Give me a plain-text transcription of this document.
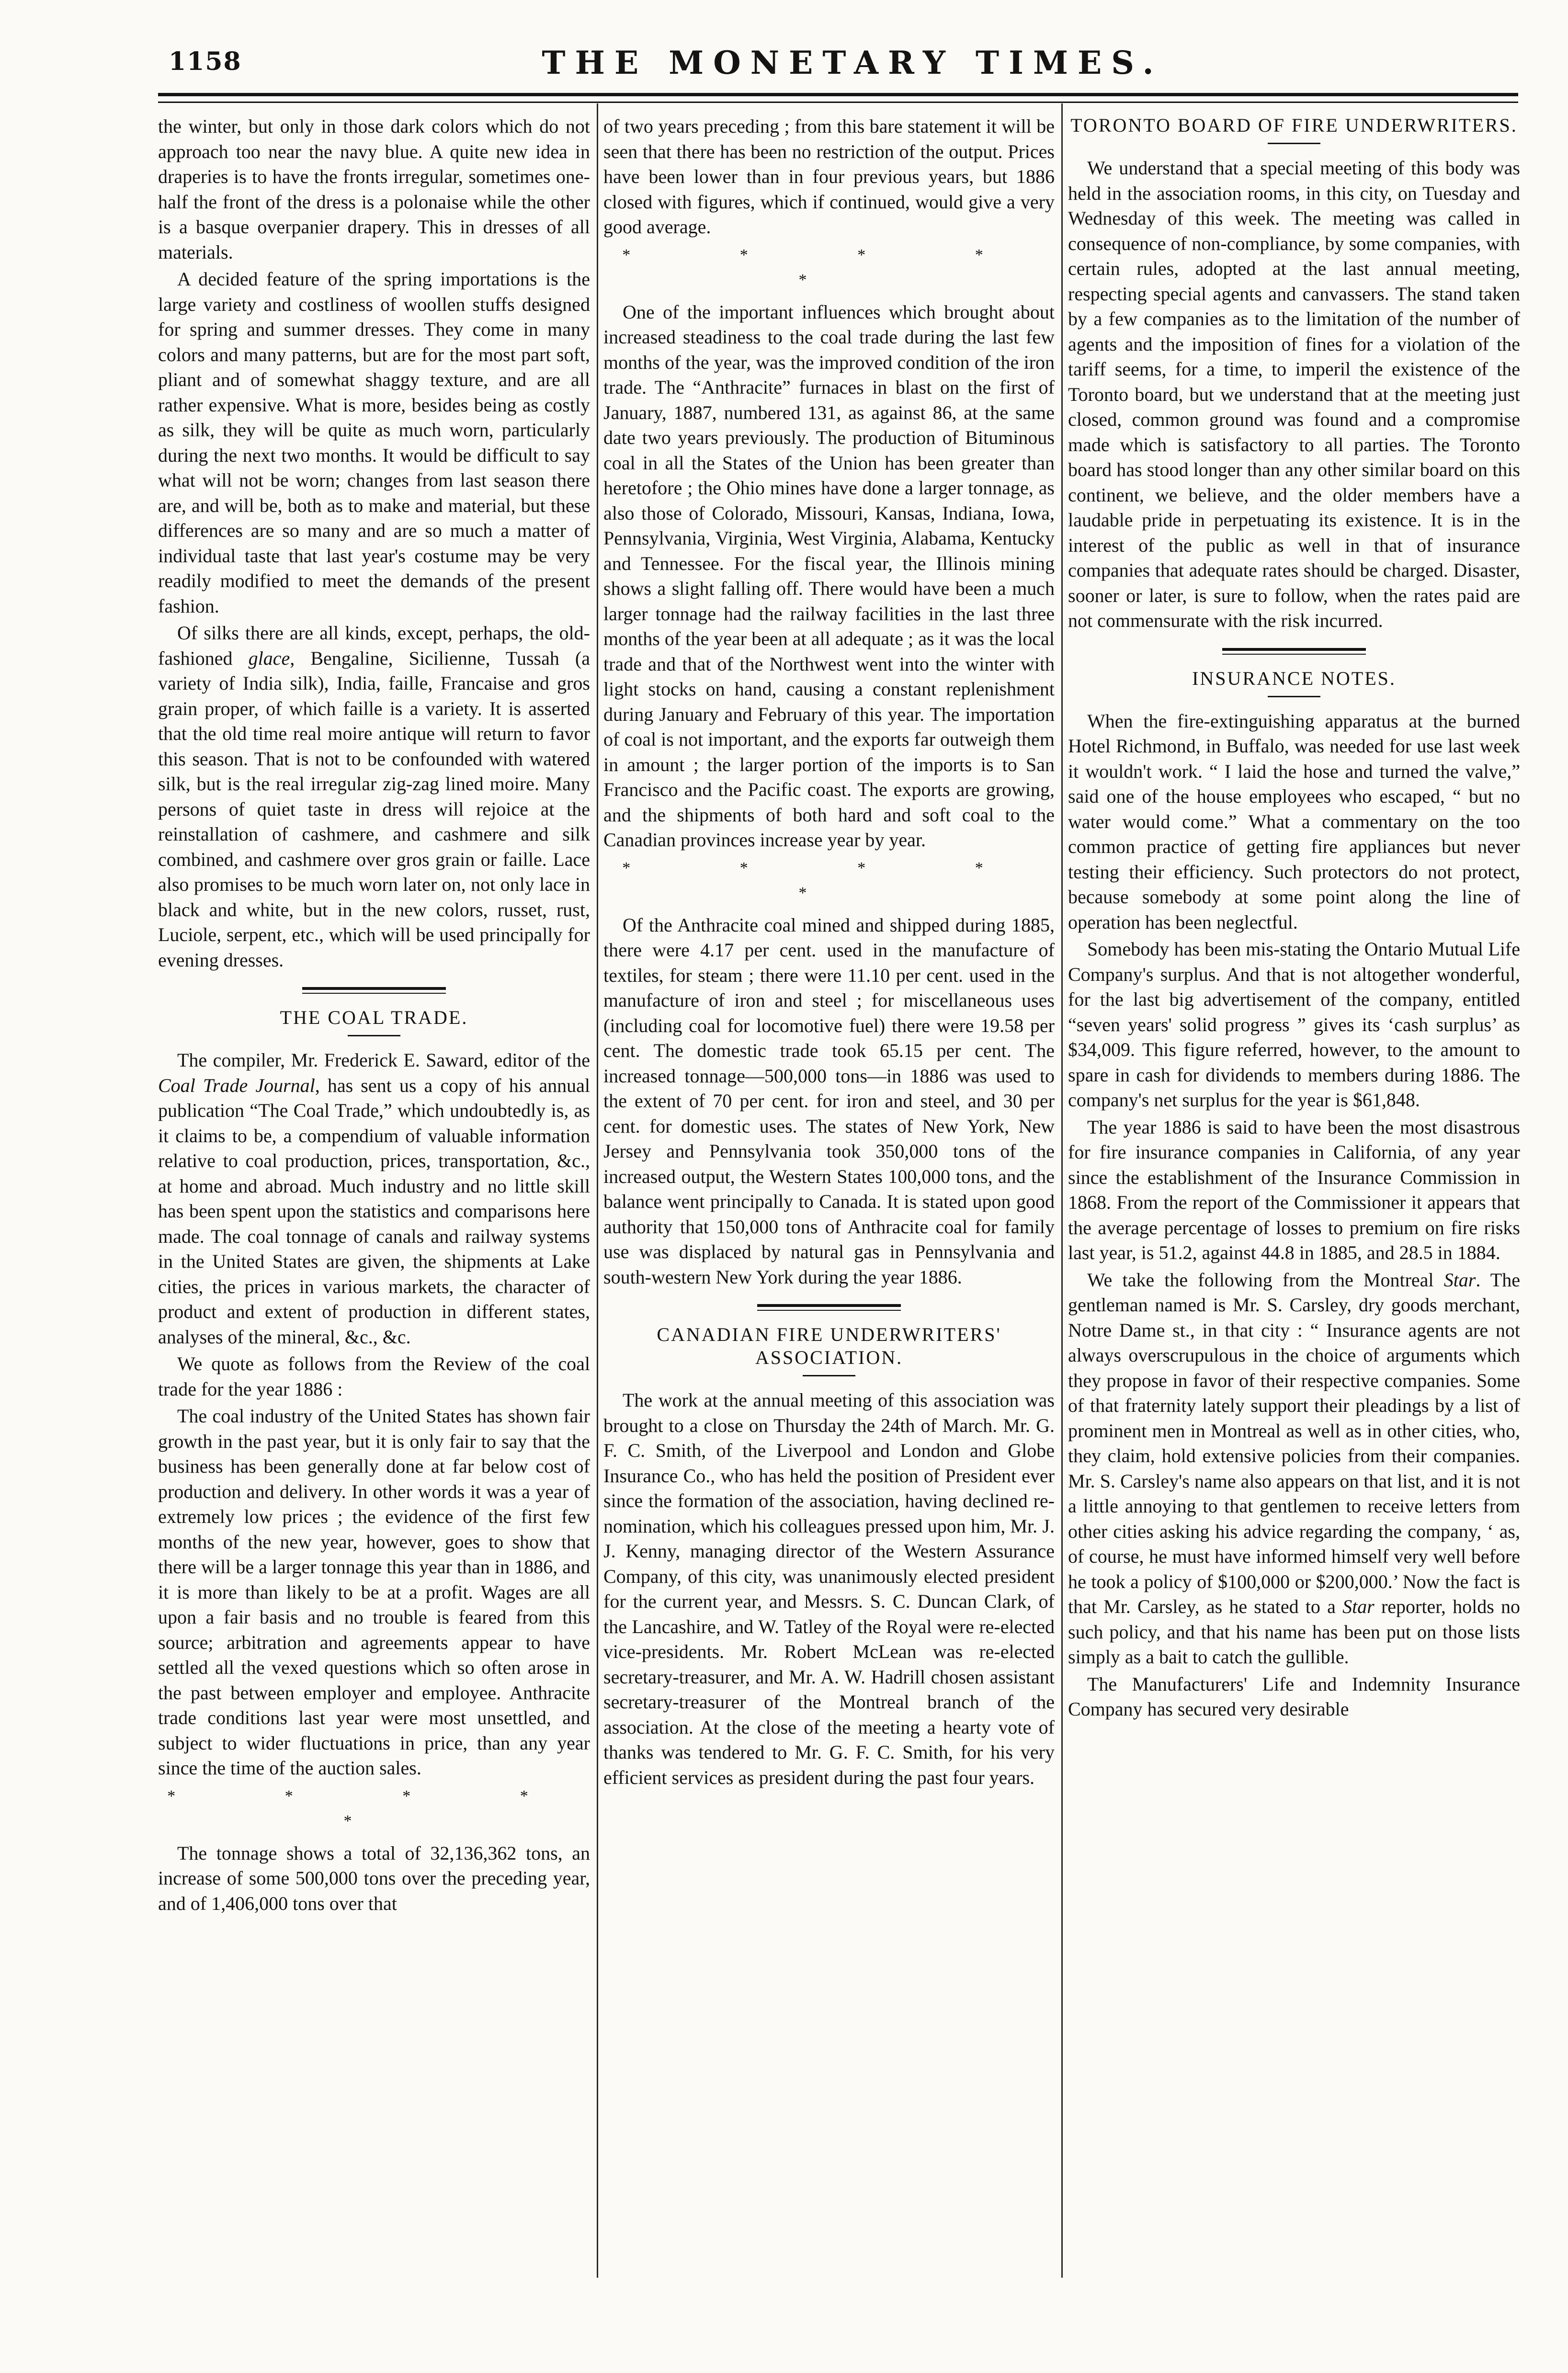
1158	THE MONETARY TIMES.

the winter, but only in those dark colors which do not approach too near the navy blue. A quite new idea in draperies is to have the fronts irregular, sometimes one-half the front of the dress is a polonaise while the other is a basque overpanier drapery. This in dresses of all materials.

A decided feature of the spring importations is the large variety and costliness of woollen stuffs designed for spring and summer dresses. They come in many colors and many patterns, but are for the most part soft, pliant and of somewhat shaggy texture, and are all rather expensive. What is more, besides being as costly as silk, they will be quite as much worn, particularly during the next two months. It would be difficult to say what will not be worn; changes from last season there are, and will be, both as to make and material, but these differences are so many and are so much a matter of individual taste that last year's costume may be very readily modified to meet the demands of the present fashion.

Of silks there are all kinds, except, perhaps, the old-fashioned glace, Bengaline, Sicilienne, Tussah (a variety of India silk), India, faille, Francaise and gros grain proper, of which faille is a variety. It is asserted that the old time real moire antique will return to favor this season. That is not to be confounded with watered silk, but is the real irregular zig-zag lined moire. Many persons of quiet taste in dress will rejoice at the reinstallation of cashmere, and cashmere and silk combined, and cashmere over gros grain or faille. Lace also promises to be much worn later on, not only lace in black and white, but in the new colors, russet, rust, Luciole, serpent, etc., which will be used principally for evening dresses.

THE COAL TRADE.

The compiler, Mr. Frederick E. Saward, editor of the Coal Trade Journal, has sent us a copy of his annual publication “The Coal Trade,” which undoubtedly is, as it claims to be, a compendium of valuable information relative to coal production, prices, transportation, &c., at home and abroad. Much industry and no little skill has been spent upon the statistics and comparisons here made. The coal tonnage of canals and railway systems in the United States are given, the shipments at Lake cities, the prices in various markets, the character of product and extent of production in different states, analyses of the mineral, &c., &c.

We quote as follows from the Review of the coal trade for the year 1886 :

The coal industry of the United States has shown fair growth in the past year, but it is only fair to say that the business has been generally done at far below cost of production and delivery. In other words it was a year of extremely low prices ; the evidence of the first few months of the new year, however, goes to show that there will be a larger tonnage this year than in 1886, and it is more than likely to be at a profit. Wages are all upon a fair basis and no trouble is feared from this source; arbitration and agreements appear to have settled all the vexed questions which so often arose in the past between employer and employee. Anthracite trade conditions last year were most unsettled, and subject to wider fluctuations in price, than any year since the time of the auction sales.

* * * * *

The tonnage shows a total of 32,136,362 tons, an increase of some 500,000 tons over the preceding year, and of 1,406,000 tons over that

of two years preceding ; from this bare statement it will be seen that there has been no restriction of the output. Prices have been lower than in four previous years, but 1886 closed with figures, which if continued, would give a very good average.

* * * * *

One of the important influences which brought about increased steadiness to the coal trade during the last few months of the year, was the improved condition of the iron trade. The “Anthracite” furnaces in blast on the first of January, 1887, numbered 131, as against 86, at the same date two years previously. The production of Bituminous coal in all the States of the Union has been greater than heretofore ; the Ohio mines have done a larger tonnage, as also those of Colorado, Missouri, Kansas, Indiana, Iowa, Pennsylvania, Virginia, West Virginia, Alabama, Kentucky and Tennessee. For the fiscal year, the Illinois mining shows a slight falling off. There would have been a much larger tonnage had the railway facilities in the last three months of the year been at all adequate ; as it was the local trade and that of the Northwest went into the winter with light stocks on hand, causing a constant replenishment during January and February of this year. The importation of coal is not important, and the exports far outweigh them in amount ; the larger portion of the imports is to San Francisco and the Pacific coast. The exports are growing, and the shipments of both hard and soft coal to the Canadian provinces increase year by year.

* * * * *

Of the Anthracite coal mined and shipped during 1885, there were 4.17 per cent. used in the manufacture of textiles, for steam ; there were 11.10 per cent. used in the manufacture of iron and steel ; for miscellaneous uses (including coal for locomotive fuel) there were 19.58 per cent. The domestic trade took 65.15 per cent. The increased tonnage—500,000 tons—in 1886 was used to the extent of 70 per cent. for iron and steel, and 30 per cent. for domestic uses. The states of New York, New Jersey and Pennsylvania took 350,000 tons of the increased output, the Western States 100,000 tons, and the balance went principally to Canada. It is stated upon good authority that 150,000 tons of Anthracite coal for family use was displaced by natural gas in Pennsylvania and south-western New York during the year 1886.

CANADIAN FIRE UNDERWRITERS' ASSOCIATION.

The work at the annual meeting of this association was brought to a close on Thursday the 24th of March. Mr. G. F. C. Smith, of the Liverpool and London and Globe Insurance Co., who has held the position of President ever since the formation of the association, having declined re-nomination, which his colleagues pressed upon him, Mr. J. J. Kenny, managing director of the Western Assurance Company, of this city, was unanimously elected president for the current year, and Messrs. S. C. Duncan Clark, of the Lancashire, and W. Tatley of the Royal were re-elected vice-presidents. Mr. Robert McLean was re-elected secretary-treasurer, and Mr. A. W. Hadrill chosen assistant secretary-treasurer of the Montreal branch of the association. At the close of the meeting a hearty vote of thanks was tendered to Mr. G. F. C. Smith, for his very efficient services as president during the past four years.

TORONTO BOARD OF FIRE UNDERWRITERS.

We understand that a special meeting of this body was held in the association rooms, in this city, on Tuesday and Wednesday of this week. The meeting was called in consequence of non-compliance, by some companies, with certain rules, adopted at the last annual meeting, respecting special agents and canvassers. The stand taken by a few companies as to the limitation of the number of agents and the imposition of fines for a violation of the tariff seems, for a time, to imperil the existence of the Toronto board, but we understand that at the meeting just closed, common ground was found and a compromise made which is satisfactory to all parties. The Toronto board has stood longer than any other similar board on this continent, we believe, and the older members have a laudable pride in perpetuating its existence. It is in the interest of the public as well in that of insurance companies that adequate rates should be charged. Disaster, sooner or later, is sure to follow, when the rates paid are not commensurate with the risk incurred.

INSURANCE NOTES.

When the fire-extinguishing apparatus at the burned Hotel Richmond, in Buffalo, was needed for use last week it wouldn't work. “ I laid the hose and turned the valve,” said one of the house employees who escaped, “ but no water would come.” What a commentary on the too common practice of getting fire appliances but never testing their efficiency. Such protectors do not protect, because somebody at some point along the line of operation has been neglectful.

Somebody has been mis-stating the Ontario Mutual Life Company's surplus. And that is not altogether wonderful, for the last big advertisement of the company, entitled “seven years' solid progress ” gives its ‘cash surplus’ as $34,009. This figure referred, however, to the amount to spare in cash for dividends to members during 1886. The company's net surplus for the year is $61,848.

The year 1886 is said to have been the most disastrous for fire insurance companies in California, of any year since the establishment of the Insurance Commission in 1868. From the report of the Commissioner it appears that the average percentage of losses to premium on fire risks last year, is 51.2, against 44.8 in 1885, and 28.5 in 1884.

We take the following from the Montreal Star. The gentleman named is Mr. S. Carsley, dry goods merchant, Notre Dame st., in that city : “ Insurance agents are not always overscrupulous in the choice of arguments which they propose in favor of their respective companies. Some of that fraternity lately support their pleadings by a list of prominent men in Montreal as well as in other cities, who, they claim, hold extensive policies from their companies. Mr. S. Carsley's name also appears on that list, and it is not a little annoying to that gentlemen to receive letters from other cities asking his advice regarding the company, ‘ as, of course, he must have informed himself very well before he took a policy of $100,000 or $200,000.’ Now the fact is that Mr. Carsley, as he stated to a Star reporter, holds no such policy, and that his name has been put on those lists simply as a bait to catch the gullible.

The Manufacturers' Life and Indemnity Insurance Company has secured very desirable
